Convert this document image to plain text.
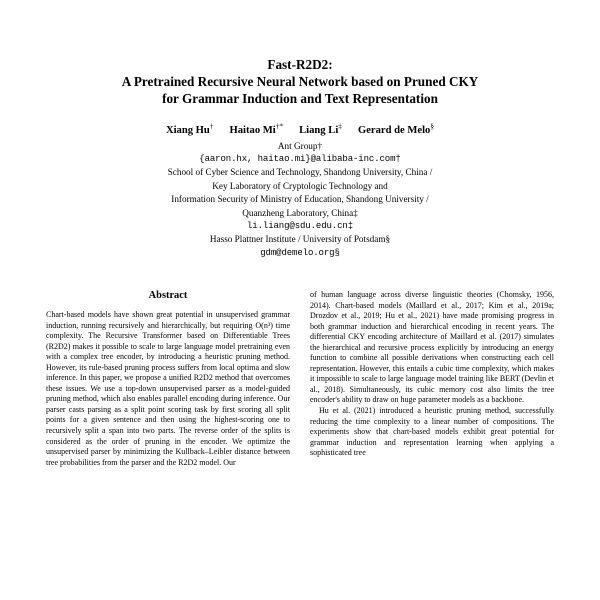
Fast-R2D2:
A Pretrained Recursive Neural Network based on Pruned CKY
for Grammar Induction and Text Representation
Xiang Hu† Haitao Mi†* Liang Li‡ Gerard de Melo§
Ant Group†
{aaron.hx, haitao.mi}@alibaba-inc.com†
School of Cyber Science and Technology, Shandong University, China /
Key Laboratory of Cryptologic Technology and
Information Security of Ministry of Education, Shandong University /
Quanzheng Laboratory, China‡
li.liang@sdu.edu.cn‡
Hasso Plattner Institute / University of Potsdam§
gdm@demelo.org§
Abstract

Chart-based models have shown great potential in unsupervised grammar induction, running recursively and hierarchically, but requiring O(n³) time complexity. The Recursive Transformer based on Differentiable Trees (R2D2) makes it possible to scale to large language model pretraining even with a complex tree encoder, by introducing a heuristic pruning method. However, its rule-based pruning process suffers from local optima and slow inference. In this paper, we propose a unified R2D2 method that overcomes these issues. We use a top-down unsupervised parser as a model-guided pruning method, which also enables parallel encoding during inference. Our parser casts parsing as a split point scoring task by first scoring all split points for a given sentence and then using the highest-scoring one to recursively split a span into two parts. The reverse order of the splits is considered as the order of pruning in the encoder. We optimize the unsupervised parser by minimizing the Kullback–Leibler distance between tree probabilities from the parser and the R2D2 model. Our

of human language across diverse linguistic theories (Chomsky, 1956, 2014). Chart-based models (Maillard et al., 2017; Kim et al., 2019a; Drozdov et al., 2019; Hu et al., 2021) have made promising progress in both grammar induction and hierarchical encoding in recent years. The differential CKY encoding architecture of Maillard et al. (2017) simulates the hierarchical and recursive process explicitly by introducing an energy function to combine all possible derivations when constructing each cell representation. However, this entails a cubic time complexity, which makes it impossible to scale to large language model training like BERT (Devlin et al., 2018). Simultaneously, its cubic memory cost also limits the tree encoder's ability to draw on huge parameter models as a backbone.

Hu et al. (2021) introduced a heuristic pruning method, successfully reducing the time complexity to a linear number of compositions. The experiments show that chart-based models exhibit great potential for grammar induction and representation learning when applying a sophisticated tree
